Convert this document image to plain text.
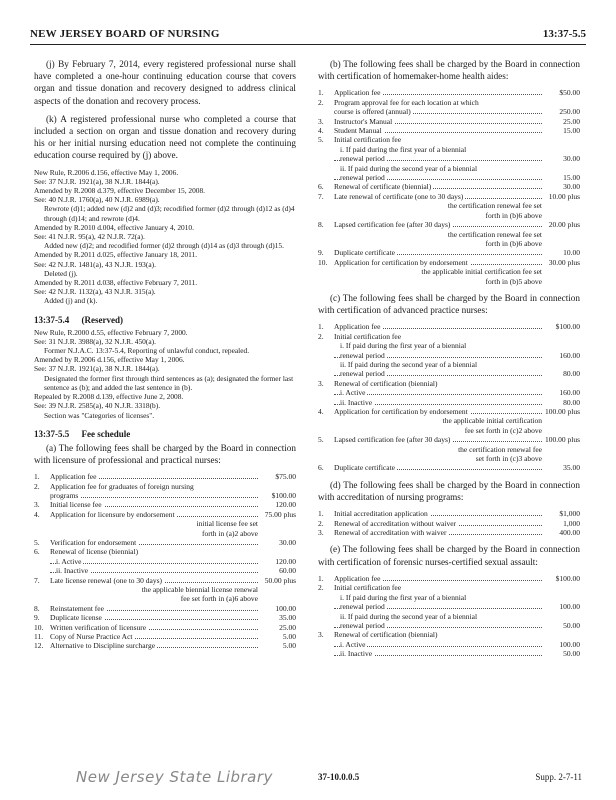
NEW JERSEY BOARD OF NURSING	13:37-5.5

(j) By February 7, 2014, every registered professional nurse shall have completed a one-hour continuing education course that covers organ and tissue donation and recovery designed to address clinical aspects of the donation and recovery process.

(k) A registered professional nurse who completed a course that included a section on organ and tissue donation and recovery during his or her initial nursing education need not complete the continuing education course required by (j) above.

New Rule, R.2006 d.156, effective May 1, 2006.
See: 37 N.J.R. 1921(a), 38 N.J.R. 1844(a).
Amended by R.2008 d.379, effective December 15, 2008.
See: 40 N.J.R. 1760(a), 40 N.J.R. 6989(a).
Rewrote (d)1; added new (d)2 and (d)3; recodified former (d)2 through (d)12 as (d)4 through (d)14; and rewrote (d)4.
Amended by R.2010 d.004, effective January 4, 2010.
See: 41 N.J.R. 95(a), 42 N.J.R. 72(a).
Added new (d)2; and recodified former (d)2 through (d)14 as (d)3 through (d)15.
Amended by R.2011 d.025, effective January 18, 2011.
See: 42 N.J.R. 1481(a), 43 N.J.R. 193(a).
Deleted (j).
Amended by R.2011 d.038, effective February 7, 2011.
See: 42 N.J.R. 1132(a), 43 N.J.R. 315(a).
Added (j) and (k).
13:37-5.4 (Reserved)
New Rule, R.2000 d.55, effective February 7, 2000.
See: 31 N.J.R. 3988(a), 32 N.J.R. 450(a).
Former N.J.A.C. 13:37-5.4, Reporting of unlawful conduct, repealed.
Amended by R.2006 d.156, effective May 1, 2006.
See: 37 N.J.R. 1921(a), 38 N.J.R. 1844(a).
Designated the former first through third sentences as (a); designated the former last sentence as (b); and added the last sentence in (b).
Repealed by R.2008 d.139, effective June 2, 2008.
See: 39 N.J.R. 2585(a), 40 N.J.R. 3318(b).
Section was "Categories of licenses".
13:37-5.5 Fee schedule

(a) The following fees shall be charged by the Board in connection with licensure of professional and practical nurses:

1.	Application fee	$75.00
2.	Application fee for graduates of foreign nursing
programs	$100.00
3.	Initial license fee	120.00
4.	Application for licensure by endorsement	75.00 plus
initial license fee set
forth in (a)2 above
5.	Verification for endorsement	30.00
6.	Renewal of license (biennial)
i. Active	120.00
ii. Inactive	60.00
7.	Late license renewal (one to 30 days)	50.00 plus
the applicable biennial license renewal
fee set forth in (a)6 above
8.	Reinstatement fee	100.00
9.	Duplicate license	35.00
10. Written verification of licensure	25.00
11. Copy of Nurse Practice Act	5.00
12. Alternative to Discipline surcharge	5.00

(b) The following fees shall be charged by the Board in connection with certification of homemaker-home health aides:

1.	Application fee	$50.00
2.	Program approval fee for each location at which
course is offered (annual)	250.00
3.	Instructor's Manual	25.00
4.	Student Manual	15.00
5.	Initial certification fee
i. If paid during the first year of a biennial
renewal period	30.00
ii. If paid during the second year of a biennial
renewal period	15.00
6.	Renewal of certificate (biennial)	30.00
7.	Late renewal of certificate (one to 30 days)	10.00 plus
the certification renewal fee set
forth in (b)6 above
8.	Lapsed certification fee (after 30 days)	20.00 plus
the certification renewal fee set
forth in (b)6 above
9.	Duplicate certificate	10.00
10. Application for certification by endorsement	30.00 plus
the applicable initial certification fee set
forth in (b)5 above

(c) The following fees shall be charged by the Board in connection with certification of advanced practice nurses:

1.	Application fee	$100.00
2.	Initial certification fee
i. If paid during the first year of a biennial
renewal period	160.00
ii. If paid during the second year of a biennial
renewal period	80.00
3.	Renewal of certification (biennial)
i. Active	160.00
ii. Inactive	80.00
4.	Application for certification by endorsement	100.00 plus
the applicable initial certification
fee set forth in (c)2 above
5.	Lapsed certification fee (after 30 days)	100.00 plus
the certification renewal fee
set forth in (c)3 above
6.	Duplicate certificate	35.00

(d) The following fees shall be charged by the Board in connection with accreditation of nursing programs:

1.	Initial accreditation application	$1,000
2.	Renewal of accreditation without waiver	1,000
3.	Renewal of accreditation with waiver	400.00

(e) The following fees shall be charged by the Board in connection with certification of forensic nurses-certified sexual assault:

1.	Application fee	$100.00
2.	Initial certification fee
i. If paid during the first year of a biennial
renewal period	100.00
ii. If paid during the second year of a biennial
renewal period	50.00
3.	Renewal of certification (biennial)
i. Active	100.00
ii. Inactive	50.00
New Jersey State Library	37-10.0.0.5	Supp. 2-7-11
